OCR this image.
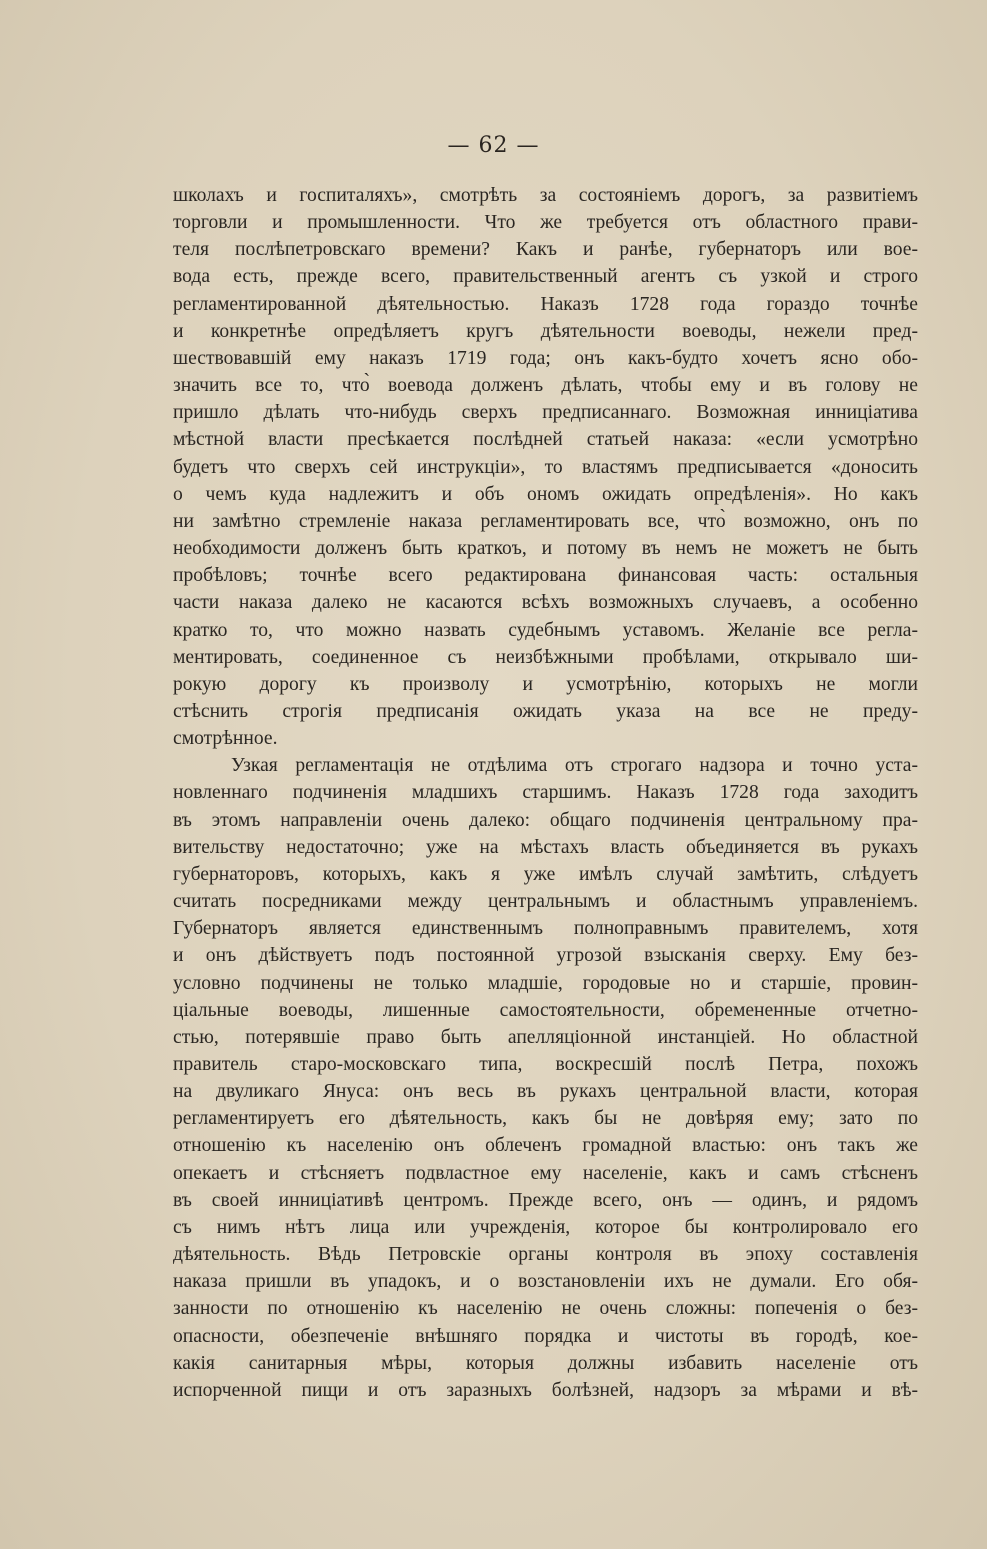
— 62 —
школахъ и госпиталяхъ», смотрѣть за состояніемъ дорогъ, за развитіемъ
торговли и промышленности. Что же требуется отъ областного прави-
теля послѣпетровскаго времени? Какъ и ранѣе, губернаторъ или вое-
вода есть, прежде всего, правительственный агентъ съ узкой и строго
регламентированной дѣятельностью. Наказъ 1728 года гораздо точнѣе
и конкретнѣе опредѣляетъ кругъ дѣятельности воеводы, нежели пред-
шествовавшій ему наказъ 1719 года; онъ какъ-будто хочетъ ясно обо-
значить все то, что̀ воевода долженъ дѣлать, чтобы ему и въ голову не
пришло дѣлать что-нибудь сверхъ предписаннаго. Возможная инниціатива
мѣстной власти пресѣкается послѣдней статьей наказа: «если усмотрѣно
будетъ что сверхъ сей инструкціи», то властямъ предписывается «доносить
о чемъ куда надлежитъ и объ ономъ ожидать опредѣленія». Но какъ
ни замѣтно стремленіе наказа регламентировать все, что̀ возможно, онъ по
необходимости долженъ быть краткоъ, и потому въ немъ не можетъ не быть
пробѣловъ; точнѣе всего редактирована финансовая часть: остальныя
части наказа далеко не касаются всѣхъ возможныхъ случаевъ, а особенно
кратко то, что можно назвать судебнымъ уставомъ. Желаніе все регла-
ментировать, соединенное съ неизбѣжными пробѣлами, открывало ши-
рокую дорогу къ произволу и усмотрѣнію, которыхъ не могли
стѣснить строгія предписанія ожидать указа на все не преду-
смотрѣнное.
Узкая регламентація не отдѣлима отъ строгаго надзора и точно уста-
новленнаго подчиненія младшихъ старшимъ. Наказъ 1728 года заходитъ
въ этомъ направленіи очень далеко: общаго подчиненія центральному пра-
вительству недостаточно; уже на мѣстахъ власть объединяется въ рукахъ
губернаторовъ, которыхъ, какъ я уже имѣлъ случай замѣтить, слѣдуетъ
считать посредниками между центральнымъ и областнымъ управленіемъ.
Губернаторъ является единственнымъ полноправнымъ правителемъ, хотя
и онъ дѣйствуетъ подъ постоянной угрозой взысканія сверху. Ему без-
условно подчинены не только младшіе, городовые но и старшіе, провин-
ціальные воеводы, лишенные самостоятельности, обремененные отчетно-
стью, потерявшіе право быть апелляціонной инстанціей. Но областной
правитель старо-московскаго типа, воскресшій послѣ Петра, похожъ
на двуликаго Януса: онъ весь въ рукахъ центральной власти, которая
регламентируетъ его дѣятельность, какъ бы не довѣряя ему; зато по
отношенію къ населенію онъ облеченъ громадной властью: онъ такъ же
опекаетъ и стѣсняетъ подвластное ему населеніе, какъ и самъ стѣсненъ
въ своей инниціативѣ центромъ. Прежде всего, онъ — одинъ, и рядомъ
съ нимъ нѣтъ лица или учрежденія, которое бы контролировало его
дѣятельность. Вѣдь Петровскіе органы контроля въ эпоху составленія
наказа пришли въ упадокъ, и о возстановленіи ихъ не думали. Его обя-
занности по отношенію къ населенію не очень сложны: попеченія о без-
опасности, обезпеченіе внѣшняго порядка и чистоты въ городѣ, кое-
какія санитарныя мѣры, которыя должны избавить населеніе отъ
испорченной пищи и отъ заразныхъ болѣзней, надзоръ за мѣрами и вѣ-
